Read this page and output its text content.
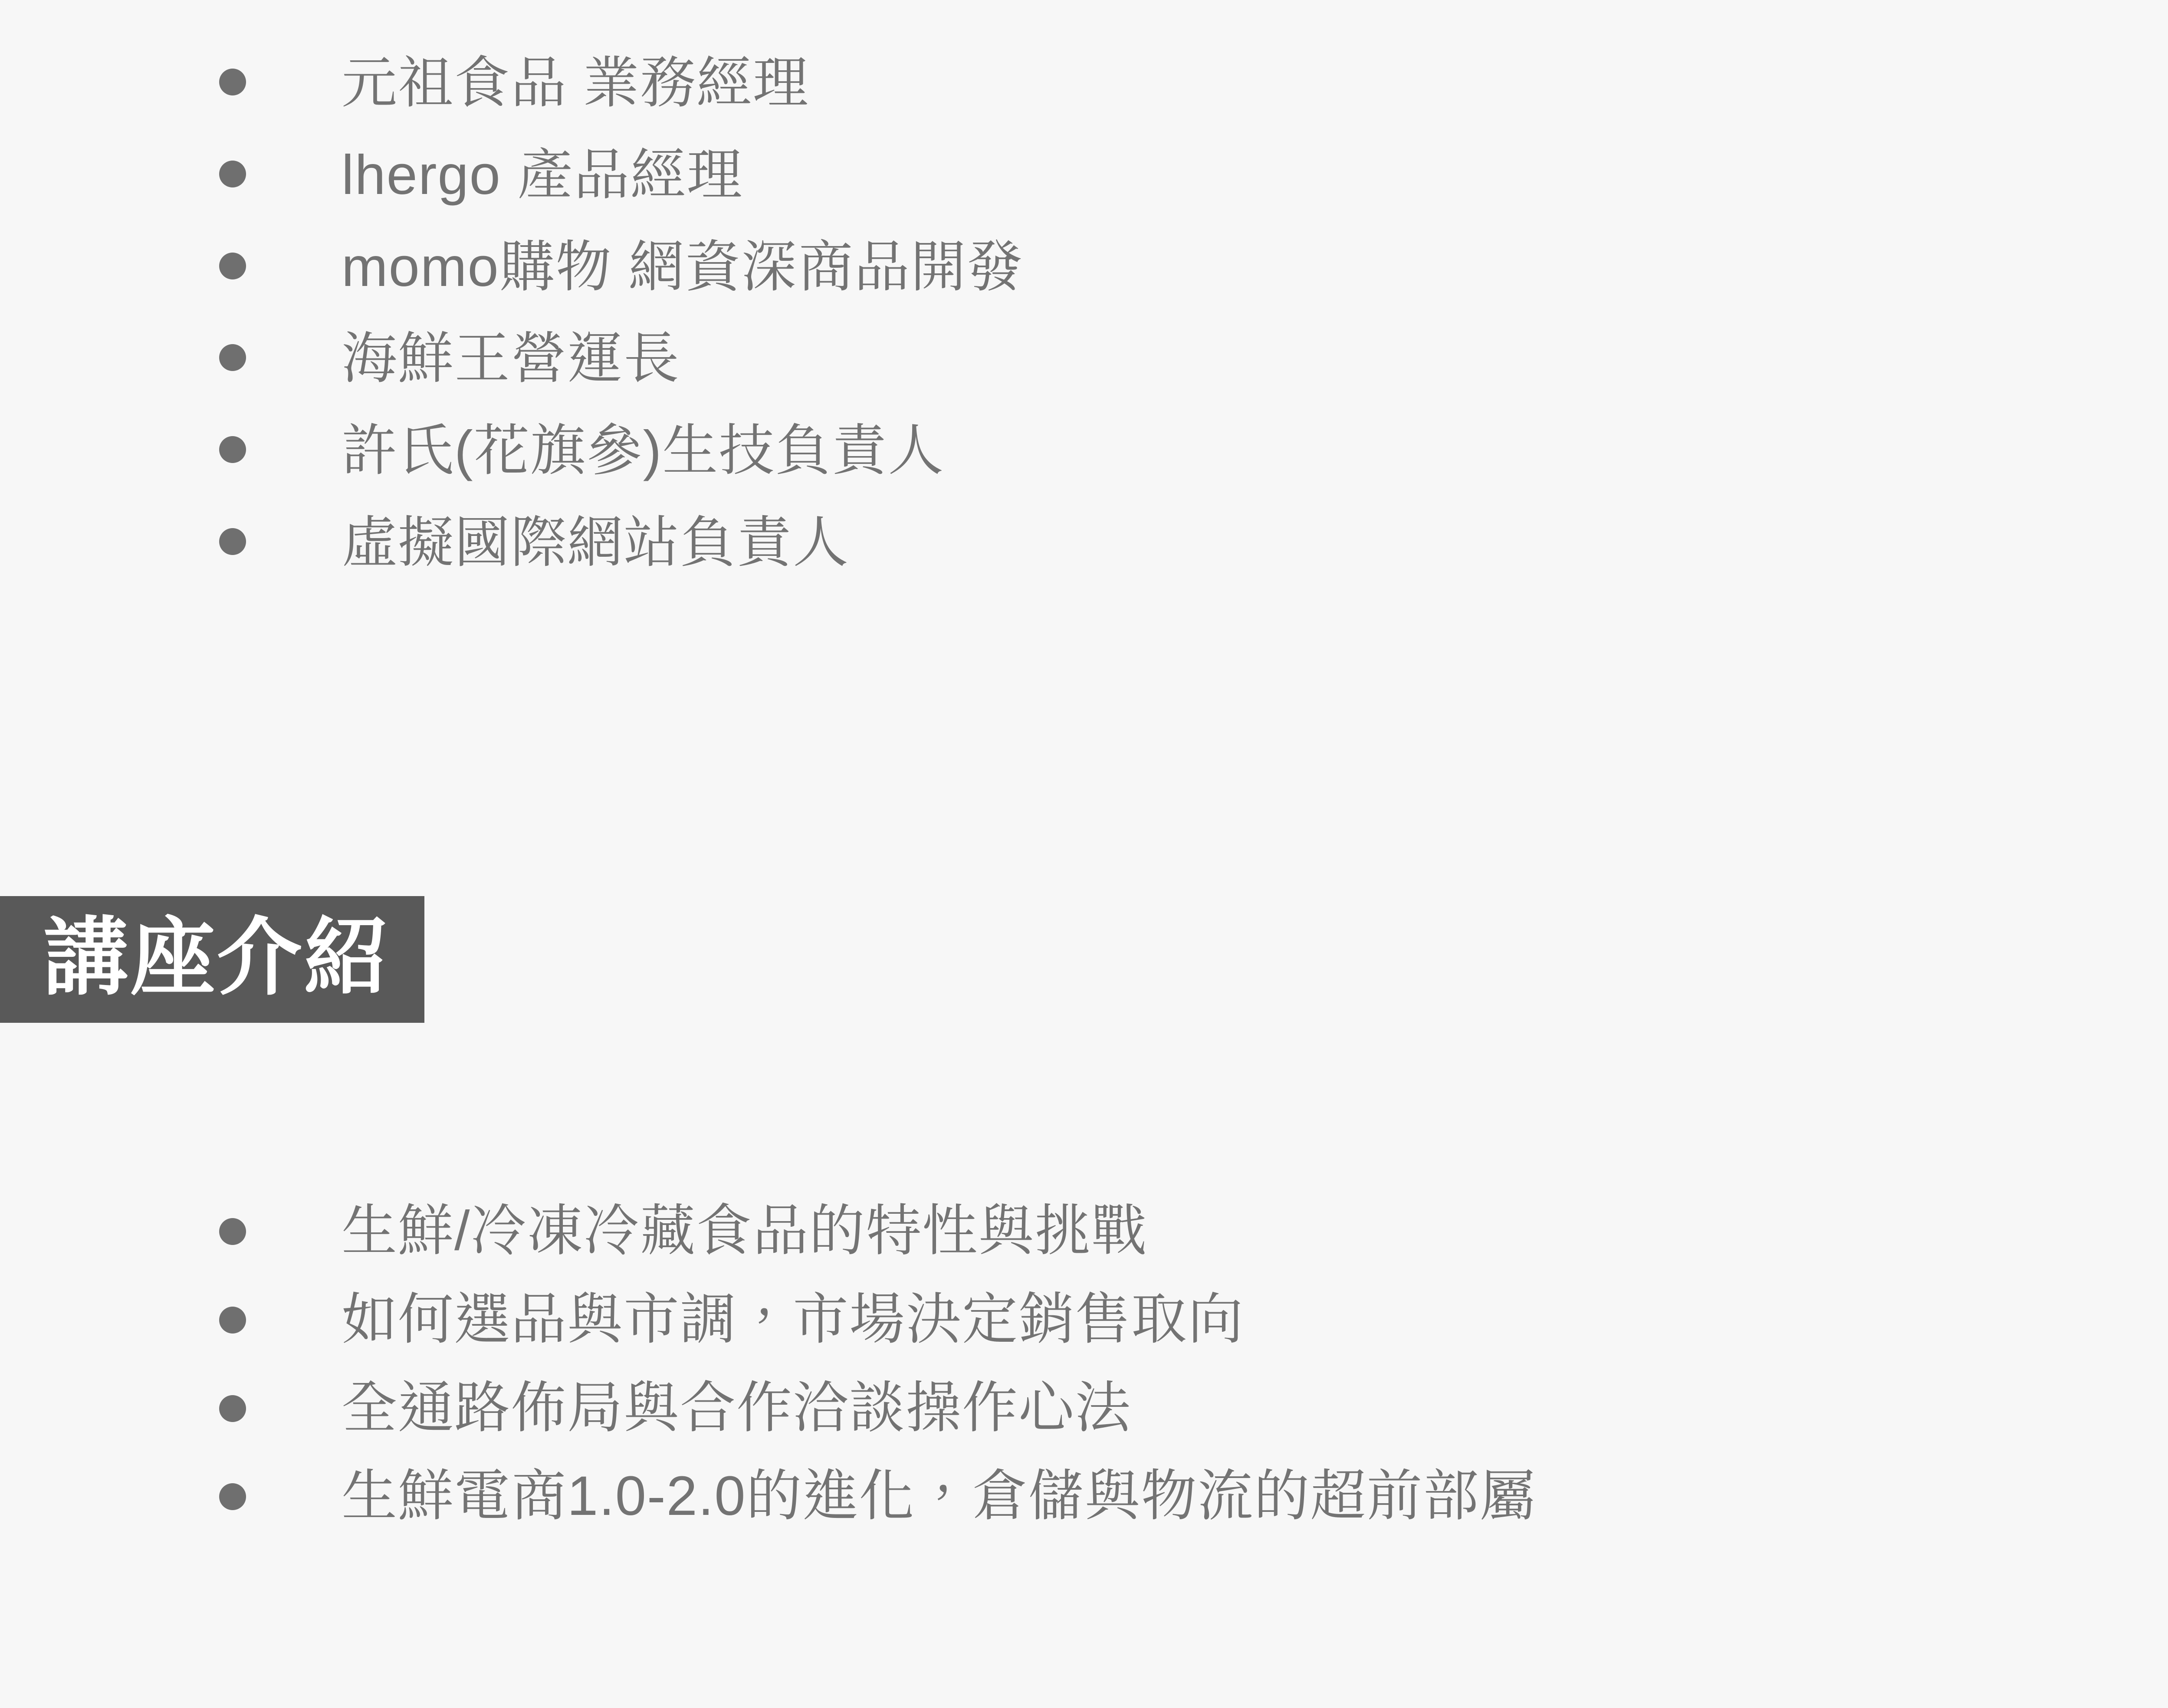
元祖食品 業務經理
lhergo 產品經理
momo購物 網資深商品開發
海鮮王營運長
許氏(花旗參)生技負責人
虛擬國際網站負責人
講座介紹
生鮮/冷凍冷藏食品的特性與挑戰
如何選品與市調，市場決定銷售取向
全通路佈局與合作洽談操作心法
生鮮電商1.0-2.0的進化，倉儲與物流的超前部屬
